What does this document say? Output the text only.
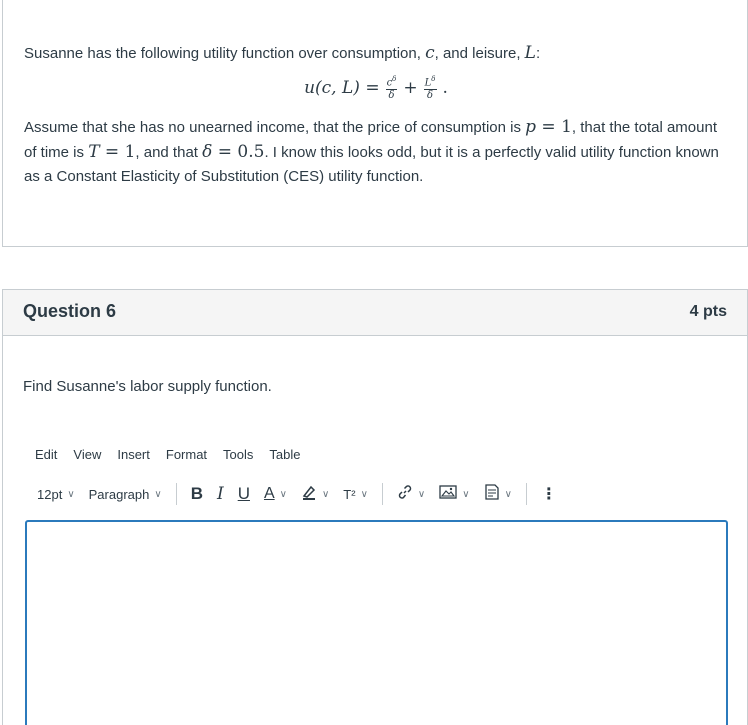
Susanne has the following utility function over consumption, c, and leisure, L:
u(c, $L) = \frac{c^\delta}{\delta} + \frac{L^\delta}{\delta}$ .
Assume that she has no unearned income, that the price of consumption is p = 1, that the total amount of time is T = 1, and that δ = 0.5. I know this looks odd, but it is a perfectly valid utility function known as a Constant Elasticity of Substitution (CES) utility function.
Question 6	4 pts
Find Susanne's labor supply function.
Edit View Insert Format Tools Table
12pt ∨ Paragraph ∨ B I U A ∨	∨ T² ∨	∨	∨	∨ ⋮
